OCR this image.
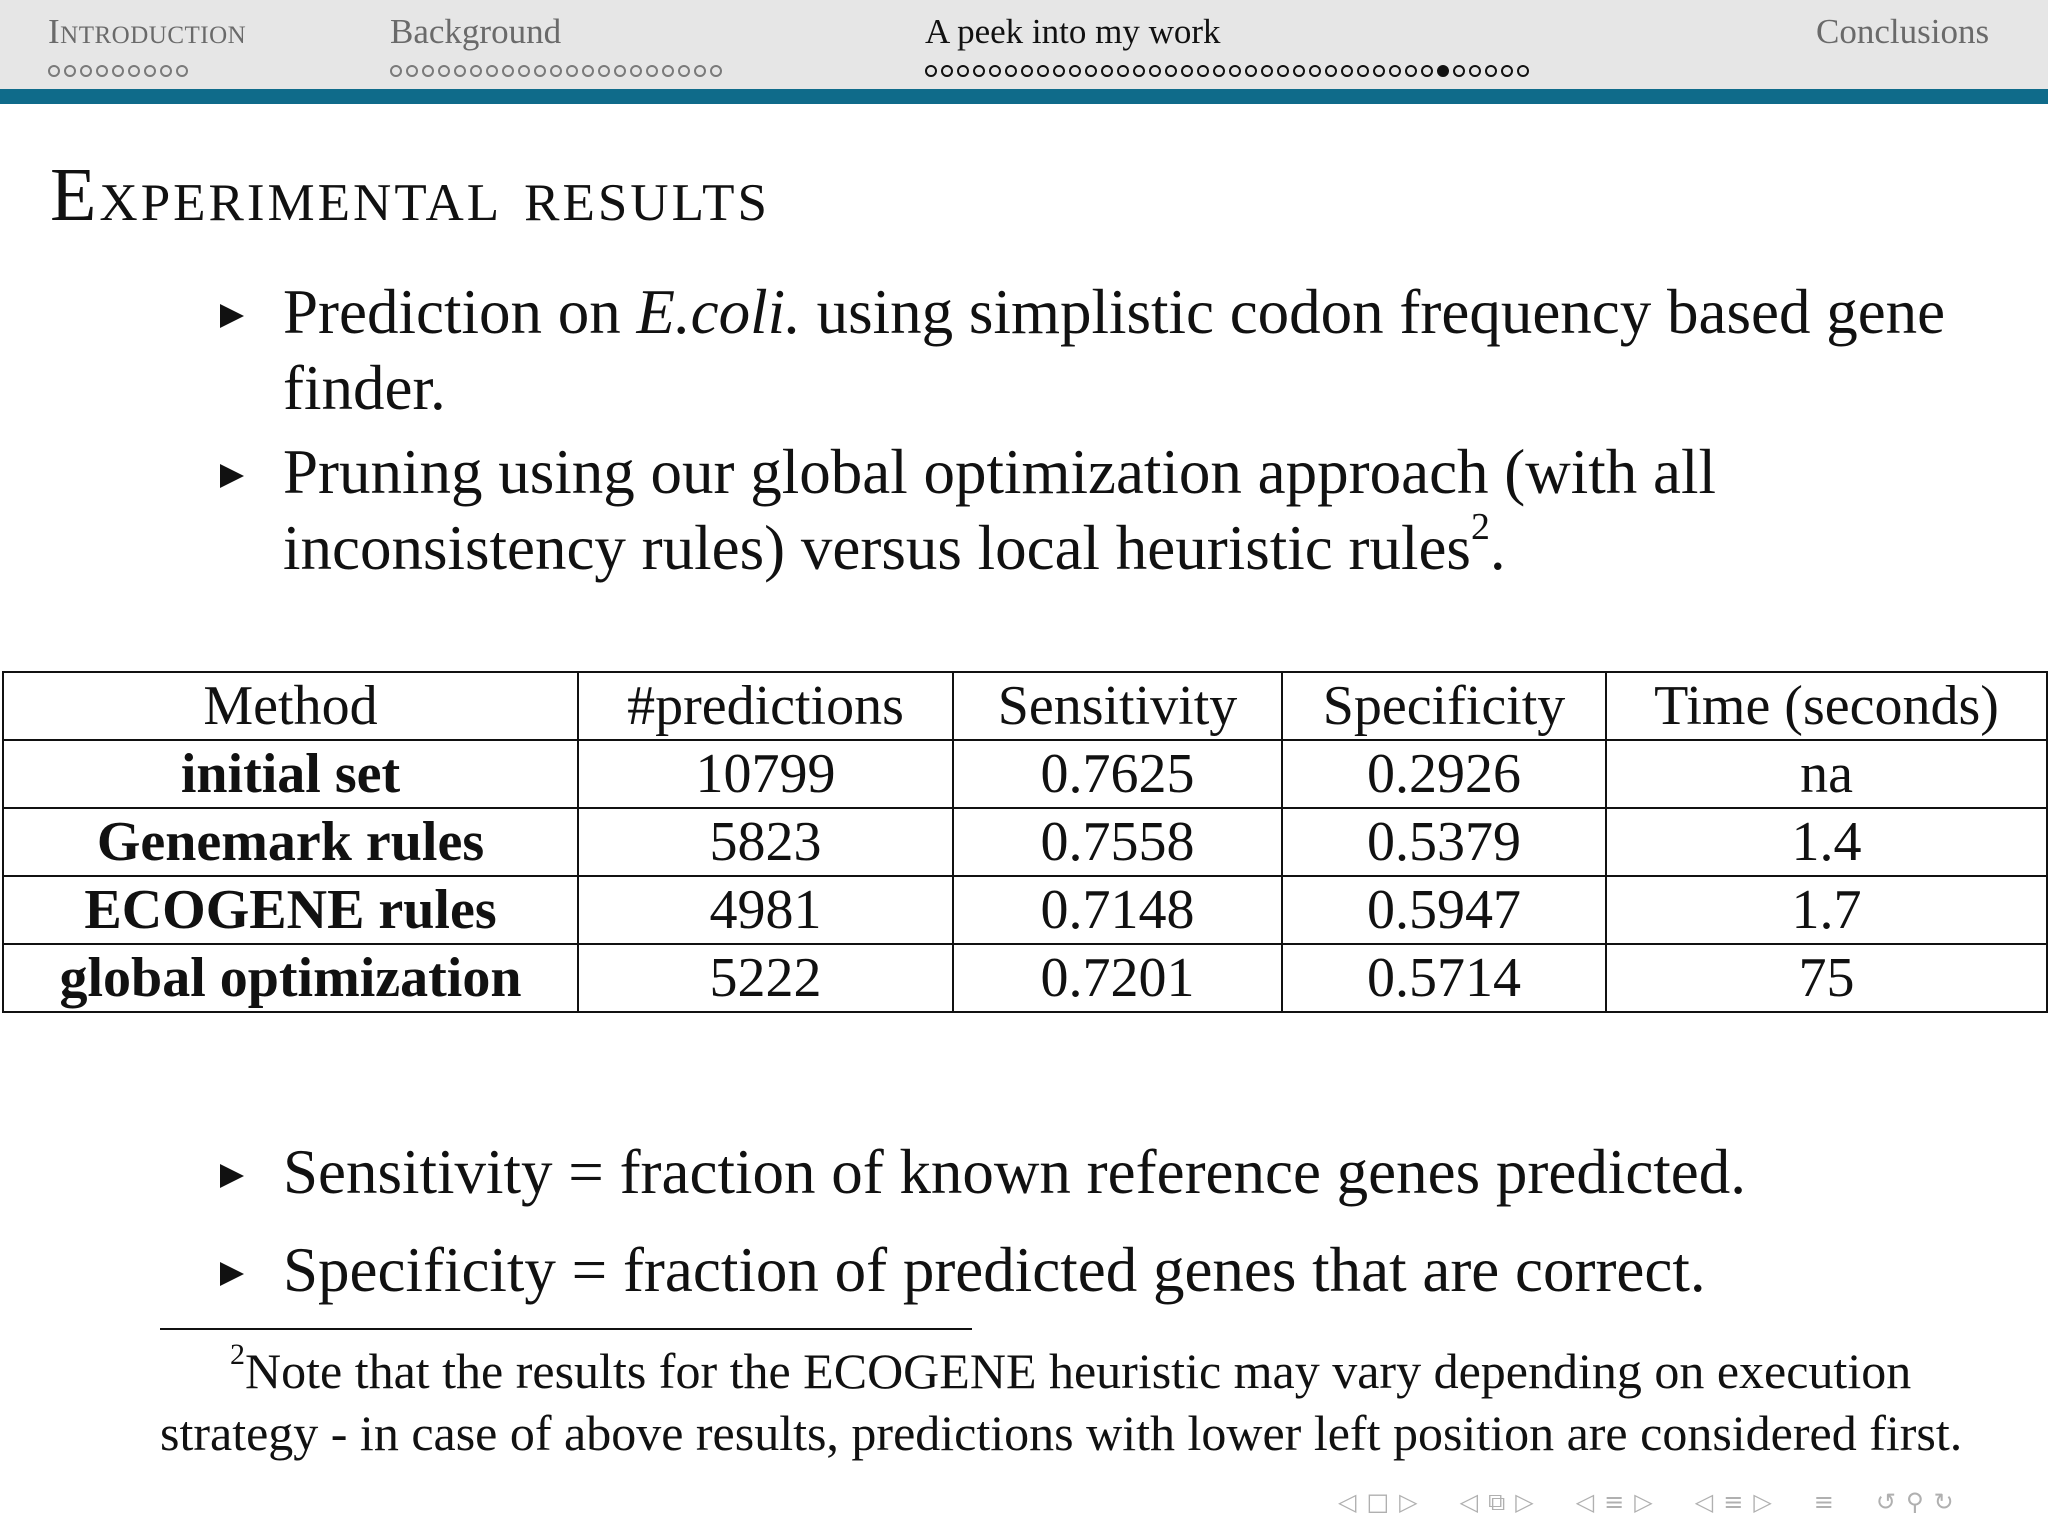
Introduction	Background	A peek into my work	Conclusions
Experimental results
Prediction on E.coli. using simplistic codon frequency based gene finder.
Pruning using our global optimization approach (with all inconsistency rules) versus local heuristic rules$^2$.
Method	#predictions	Sensitivity	Specificity	Time (seconds)
initial set	10799	0.7625	0.2926	na
Genemark rules	5823	0.7558	0.5379	1.4
ECOGENE rules	4981	0.7148	0.5947	1.7
global optimization	5222	0.7201	0.5714	75
Sensitivity = fraction of known reference genes predicted.
Specificity = fraction of predicted genes that are correct.
$^2$Note that the results for the ECOGENE heuristic may vary depending on execution strategy - in case of above results, predictions with lower left position are considered first.
◁ □ ▷ ◁ ⧉ ▷ ◁ ≡ ▷ ◁ ≡ ▷ ≡ ↺ ⚲ ↻
